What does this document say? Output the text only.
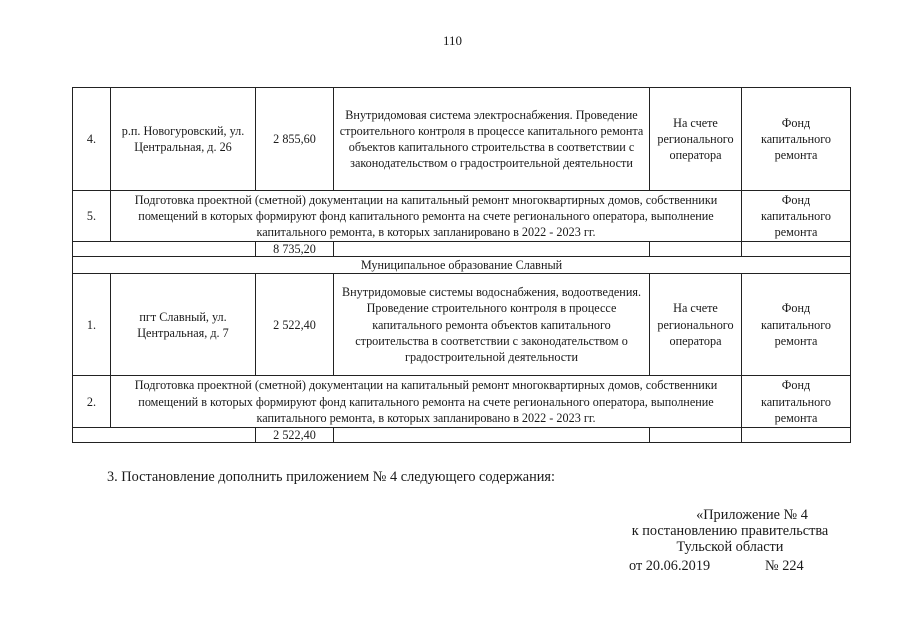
110
4.	р.п. Новогуровский, ул. Центральная, д. 26	2 855,60	Внутридомовая система электроснабжения. Проведение строительного контроля в процессе капитального ремонта объектов капитального строительства в соответствии с законодательством о градостроительной деятельности	На счете регионального оператора	Фонд капитального ремонта
5.	Подготовка проектной (сметной) документации на капитальный ремонт многоквартирных домов, собственники помещений в которых формируют фонд капитального ремонта на счете регионального оператора, выполнение капитального ремонта, в которых запланировано в 2022 - 2023 гг.				Фонд капитального ремонта
		8 735,20			
Муниципальное образование Славный					
1.	пгт Славный, ул. Центральная, д. 7	2 522,40	Внутридомовые системы водоснабжения, водоотведения. Проведение строительного контроля в процессе капитального ремонта объектов капитального строительства в соответствии с законодательством о градостроительной деятельности	На счете регионального оператора	Фонд капитального ремонта
2.	Подготовка проектной (сметной) документации на капитальный ремонт многоквартирных домов, собственники помещений в которых формируют фонд капитального ремонта на счете регионального оператора, выполнение капитального ремонта, в которых запланировано в 2022 - 2023 гг.				Фонд капитального ремонта
		2 522,40			
3. Постановление дополнить приложением № 4 следующего содержания:
«Приложение № 4
к постановлению правительства
Тульской области
от 20.06.2019	№ 224
